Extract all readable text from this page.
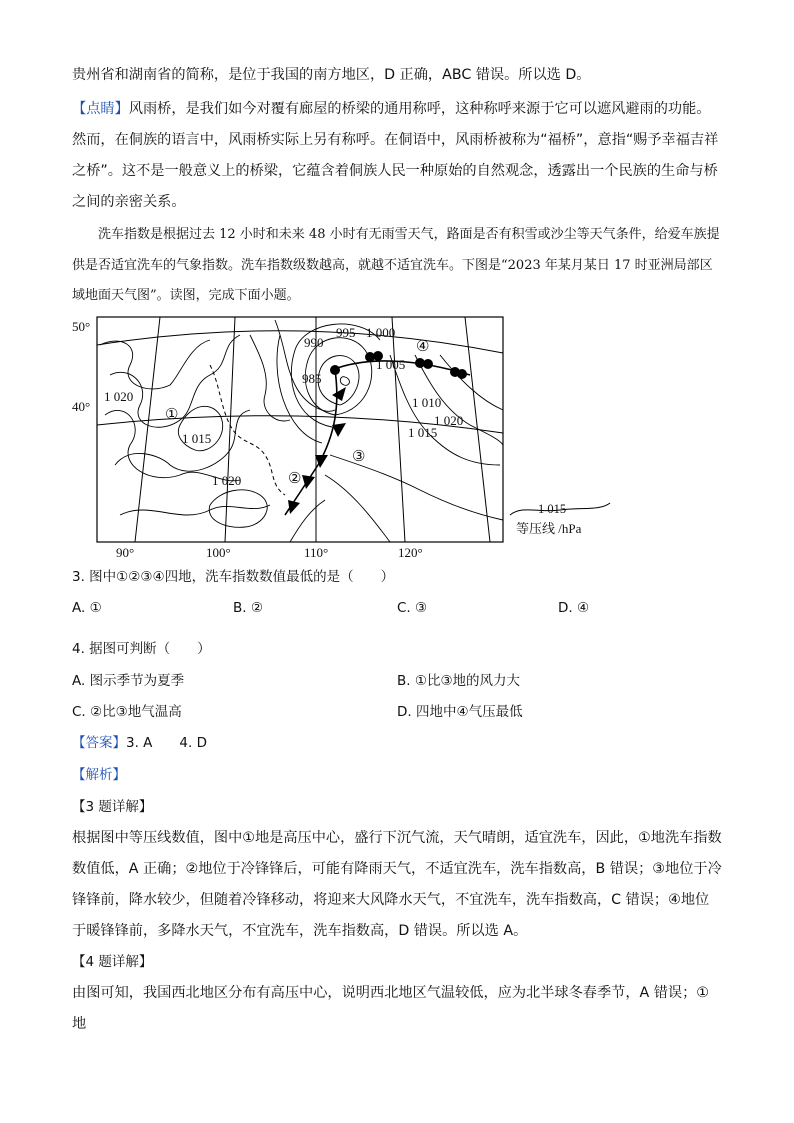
贵州省和湖南省的简称，是位于我国的南方地区，D 正确，ABC 错误。所以选 D。

【点睛】风雨桥，是我们如今对覆有廊屋的桥梁的通用称呼，这种称呼来源于它可以遮风避雨的功能。然而，在侗族的语言中，风雨桥实际上另有称呼。在侗语中，风雨桥被称为“福桥”，意指“赐予幸福吉祥之桥”。这不是一般意义上的桥梁，它蕴含着侗族人民一种原始的自然观念，透露出一个民族的生命与桥之间的亲密关系。

洗车指数是根据过去 12 小时和未来 48 小时有无雨雪天气，路面是否有积雪或沙尘等天气条件，给爱车族提供是否适宜洗车的气象指数。洗车指数级数越高，就越不适宜洗车。下图是“2023 年某月某日 17 时亚洲局部区域地面天气图”。读图，完成下面小题。

50°
40°
90°	100°	110°	120°
990
995 1 000
985
1 005
1 010
1 020
1 015	1 015
1 020
1 020
①
②
③
④
1 015
等压线 /hPa
3. 图中①②③④四地，洗车指数数值最低的是（　　）
A. ①	B. ②	C. ③	D. ④
4. 据图可判断（　　）
A. 图示季节为夏季	B. ①比③地的风力大
C. ②比③地气温高	D. 四地中④气压最低
【答案】3. A　　4. D
【解析】
【3 题详解】

根据图中等压线数值，图中①地是高压中心，盛行下沉气流，天气晴朗，适宜洗车，因此，①地洗车指数数值低，A 正确；②地位于冷锋锋后，可能有降雨天气，不适宜洗车，洗车指数高，B 错误；③地位于冷锋锋前，降水较少，但随着冷锋移动，将迎来大风降水天气，不宜洗车，洗车指数高，C 错误；④地位于暖锋锋前，多降水天气，不宜洗车，洗车指数高，D 错误。所以选 A。

【4 题详解】

由图可知，我国西北地区分布有高压中心，说明西北地区气温较低，应为北半球冬春季节，A 错误；①地
